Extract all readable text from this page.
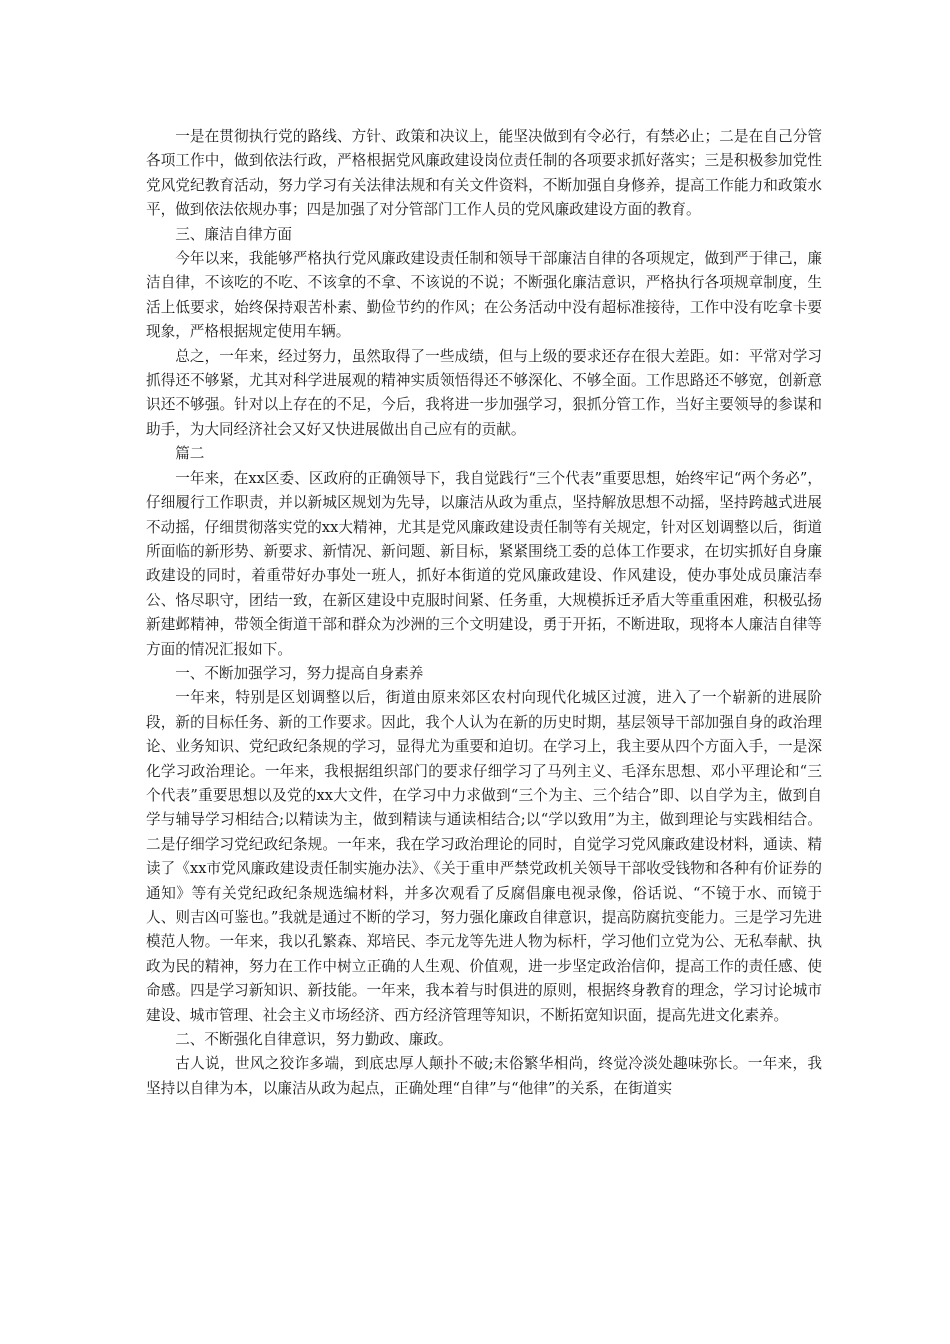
一是在贯彻执行党的路线、方针、政策和决议上，能坚决做到有令必行，有禁必止；二是在自己分管各项工作中，做到依法行政，严格根据党风廉政建设岗位责任制的各项要求抓好落实；三是积极参加党性党风党纪教育活动，努力学习有关法律法规和有关文件资料，不断加强自身修养，提高工作能力和政策水平，做到依法依规办事；四是加强了对分管部门工作人员的党风廉政建设方面的教育。

三、廉洁自律方面

今年以来，我能够严格执行党风廉政建设责任制和领导干部廉洁自律的各项规定，做到严于律己，廉洁自律，不该吃的不吃、不该拿的不拿、不该说的不说；不断强化廉洁意识，严格执行各项规章制度，生活上低要求，始终保持艰苦朴素、勤俭节约的作风；在公务活动中没有超标准接待，工作中没有吃拿卡要现象，严格根据规定使用车辆。

总之，一年来，经过努力，虽然取得了一些成绩，但与上级的要求还存在很大差距。如：平常对学习抓得还不够紧，尤其对科学进展观的精神实质领悟得还不够深化、不够全面。工作思路还不够宽，创新意识还不够强。针对以上存在的不足，今后，我将进一步加强学习，狠抓分管工作，当好主要领导的参谋和助手，为大同经济社会又好又快进展做出自己应有的贡献。

篇二

一年来，在xx区委、区政府的正确领导下，我自觉践行“三个代表”重要思想，始终牢记“两个务必”，仔细履行工作职责，并以新城区规划为先导，以廉洁从政为重点，坚持解放思想不动摇，坚持跨越式进展不动摇，仔细贯彻落实党的xx大精神，尤其是党风廉政建设责任制等有关规定，针对区划调整以后，街道所面临的新形势、新要求、新情况、新问题、新目标，紧紧围绕工委的总体工作要求，在切实抓好自身廉政建设的同时，着重带好办事处一班人，抓好本街道的党风廉政建设、作风建设，使办事处成员廉洁奉公、恪尽职守，团结一致，在新区建设中克服时间紧、任务重，大规模拆迁矛盾大等重重困难，积极弘扬新建邺精神，带领全街道干部和群众为沙洲的三个文明建设，勇于开拓，不断进取，现将本人廉洁自律等方面的情况汇报如下。

一、不断加强学习，努力提高自身素养

一年来，特别是区划调整以后，街道由原来郊区农村向现代化城区过渡，进入了一个崭新的进展阶段，新的目标任务、新的工作要求。因此，我个人认为在新的历史时期，基层领导干部加强自身的政治理论、业务知识、党纪政纪条规的学习，显得尤为重要和迫切。在学习上，我主要从四个方面入手，一是深化学习政治理论。一年来，我根据组织部门的要求仔细学习了马列主义、毛泽东思想、邓小平理论和“三个代表”重要思想以及党的xx大文件，在学习中力求做到“三个为主、三个结合”即、以自学为主，做到自学与辅导学习相结合;以精读为主，做到精读与通读相结合;以“学以致用”为主，做到理论与实践相结合。二是仔细学习党纪政纪条规。一年来，我在学习政治理论的同时，自觉学习党风廉政建设材料，通读、精读了《xx市党风廉政建设责任制实施办法》、《关于重申严禁党政机关领导干部收受钱物和各种有价证券的通知》等有关党纪政纪条规选编材料，并多次观看了反腐倡廉电视录像，俗话说、“不镜于水、而镜于人、则吉凶可鉴也。”我就是通过不断的学习，努力强化廉政自律意识，提高防腐抗变能力。三是学习先进模范人物。一年来，我以孔繁森、郑培民、李元龙等先进人物为标杆，学习他们立党为公、无私奉献、执政为民的精神，努力在工作中树立正确的人生观、价值观，进一步坚定政治信仰，提高工作的责任感、使命感。四是学习新知识、新技能。一年来，我本着与时俱进的原则，根据终身教育的理念，学习讨论城市建设、城市管理、社会主义市场经济、西方经济管理等知识，不断拓宽知识面，提高先进文化素养。

二、不断强化自律意识，努力勤政、廉政。

古人说，世风之狡诈多端，到底忠厚人颠扑不破;末俗繁华相尚，终觉冷淡处趣味弥长。一年来，我坚持以自律为本，以廉洁从政为起点，正确处理“自律”与“他律”的关系，在街道实
